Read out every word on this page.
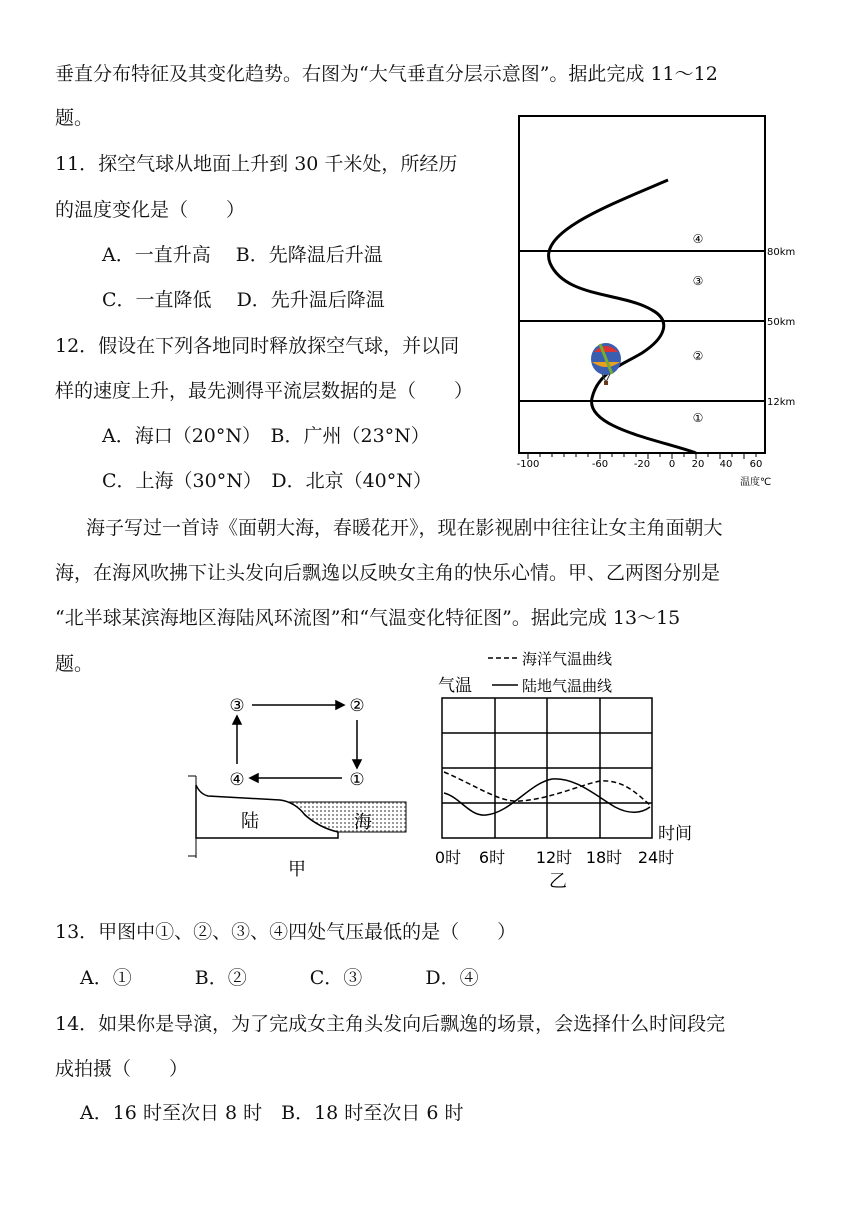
垂直分布特征及其变化趋势。右图为“大气垂直分层示意图”。据此完成 11～12
题。
11．探空气球从地面上升到 30 千米处，所经历
的温度变化是（　　）
A．一直升高　 B．先降温后升温
C．一直降低　 D．先升温后降温
12．假设在下列各地同时释放探空气球，并以同
样的速度上升，最先测得平流层数据的是（　　）
A．海口（20°N）　B．广州（23°N）
C．上海（30°N）　D．北京（40°N）
海子写过一首诗《面朝大海，春暖花开》，现在影视剧中往往让女主角面朝大
海，在海风吹拂下让头发向后飘逸以反映女主角的快乐心情。甲、乙两图分别是
“北半球某滨海地区海陆风环流图”和“气温变化特征图”。据此完成 13～15
题。
13．甲图中①、②、③、④四处气压最低的是（　　）
A．①　　　 B．②　　　 C．③　　　 D．④
14．如果你是导演，为了完成女主角头发向后飘逸的场景，会选择什么时间段完
成拍摄（　　）
A．16 时至次日 8 时　B．18 时至次日 6 时
④
③
②
①
80km
50km
12km
-100	-60	-20 0 20 40 60
温度℃
③	②
④	①
陆	海
甲
海洋气温曲线
气温	陆地气温曲线
0时 6时 12时 18时 24时
时间
乙
